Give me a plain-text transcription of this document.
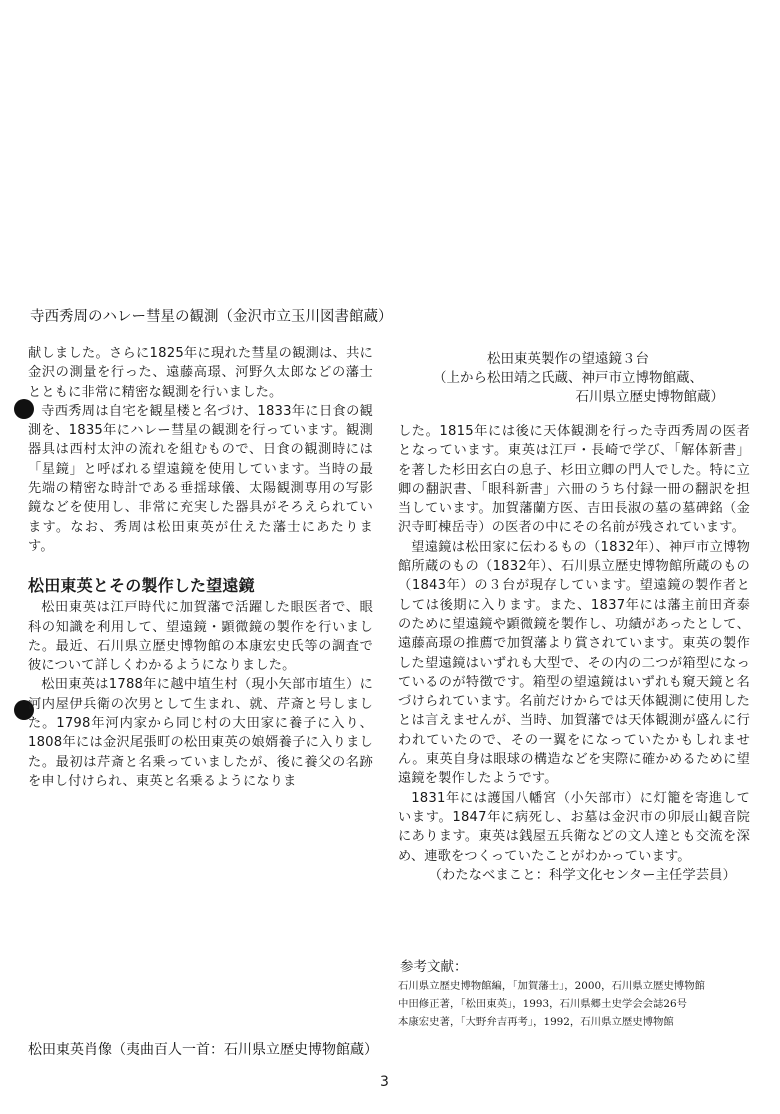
寺西秀周のハレー彗星の観測（金沢市立玉川図書館蔵）

献しました。さらに1825年に現れた彗星の観測は、共に金沢の測量を行った、遠藤高璟、河野久太郎などの藩士とともに非常に精密な観測を行いました。

寺西秀周は自宅を観星楼と名づけ、1833年に日食の観測を、1835年にハレー彗星の観測を行っています。観測器具は西村太沖の流れを組むもので、日食の観測時には「星鏡」と呼ばれる望遠鏡を使用しています。当時の最先端の精密な時計である垂揺球儀、太陽観測専用の写影鏡などを使用し、非常に充実した器具がそろえられています。なお、秀周は松田東英が仕えた藩士にあたります。

松田東英とその製作した望遠鏡

松田東英は江戸時代に加賀藩で活躍した眼医者で、眼科の知識を利用して、望遠鏡・顕微鏡の製作を行いました。最近、石川県立歴史博物館の本康宏史氏等の調査で彼について詳しくわかるようになりました。

松田東英は1788年に越中埴生村（現小矢部市埴生）に河内屋伊兵衛の次男として生まれ、就、芹斎と号しました。1798年河内家から同じ村の大田家に養子に入り、1808年には金沢尾張町の松田東英の娘婿養子に入りました。最初は芹斎と名乗っていましたが、後に養父の名跡を申し付けられ、東英と名乗るようになりま

松田東英製作の望遠鏡３台
（上から松田靖之氏蔵、神戸市立博物館蔵、
石川県立歴史博物館蔵）

した。1815年には後に天体観測を行った寺西秀周の医者となっています。東英は江戸・長崎で学び、「解体新書」を著した杉田玄白の息子、杉田立卿の門人でした。特に立卿の翻訳書、「眼科新書」六冊のうち付録一冊の翻訳を担当しています。加賀藩蘭方医、吉田長淑の墓の墓碑銘（金沢寺町棟岳寺）の医者の中にその名前が残されています。

望遠鏡は松田家に伝わるもの（1832年）、神戸市立博物館所蔵のもの（1832年）、石川県立歴史博物館所蔵のもの（1843年）の３台が現存しています。望遠鏡の製作者としては後期に入ります。また、1837年には藩主前田斉泰のために望遠鏡や顕微鏡を製作し、功績があったとして、遠藤高璟の推薦で加賀藩より賞されています。東英の製作した望遠鏡はいずれも大型で、その内の二つが箱型になっているのが特徴です。箱型の望遠鏡はいずれも窺天鏡と名づけられています。名前だけからでは天体観測に使用したとは言えませんが、当時、加賀藩では天体観測が盛んに行われていたので、その一翼をになっていたかもしれません。東英自身は眼球の構造などを実際に確かめるために望遠鏡を製作したようです。

1831年には護国八幡宮（小矢部市）に灯籠を寄進しています。1847年に病死し、お墓は金沢市の卯辰山観音院にあります。東英は銭屋五兵衛などの文人達とも交流を深め、連歌をつくっていたことがわかっています。

（わたなべまこと：科学文化センター主任学芸員）
参考文献：
石川県立歴史博物館編，「加賀藩士」，2000，石川県立歴史博物館
中田修正著，「松田東英」，1993，石川県郷土史学会会誌26号
本康宏史著，「大野弁吉再考」，1992，石川県立歴史博物館
松田東英肖像（夷曲百人一首：石川県立歴史博物館蔵）
3
